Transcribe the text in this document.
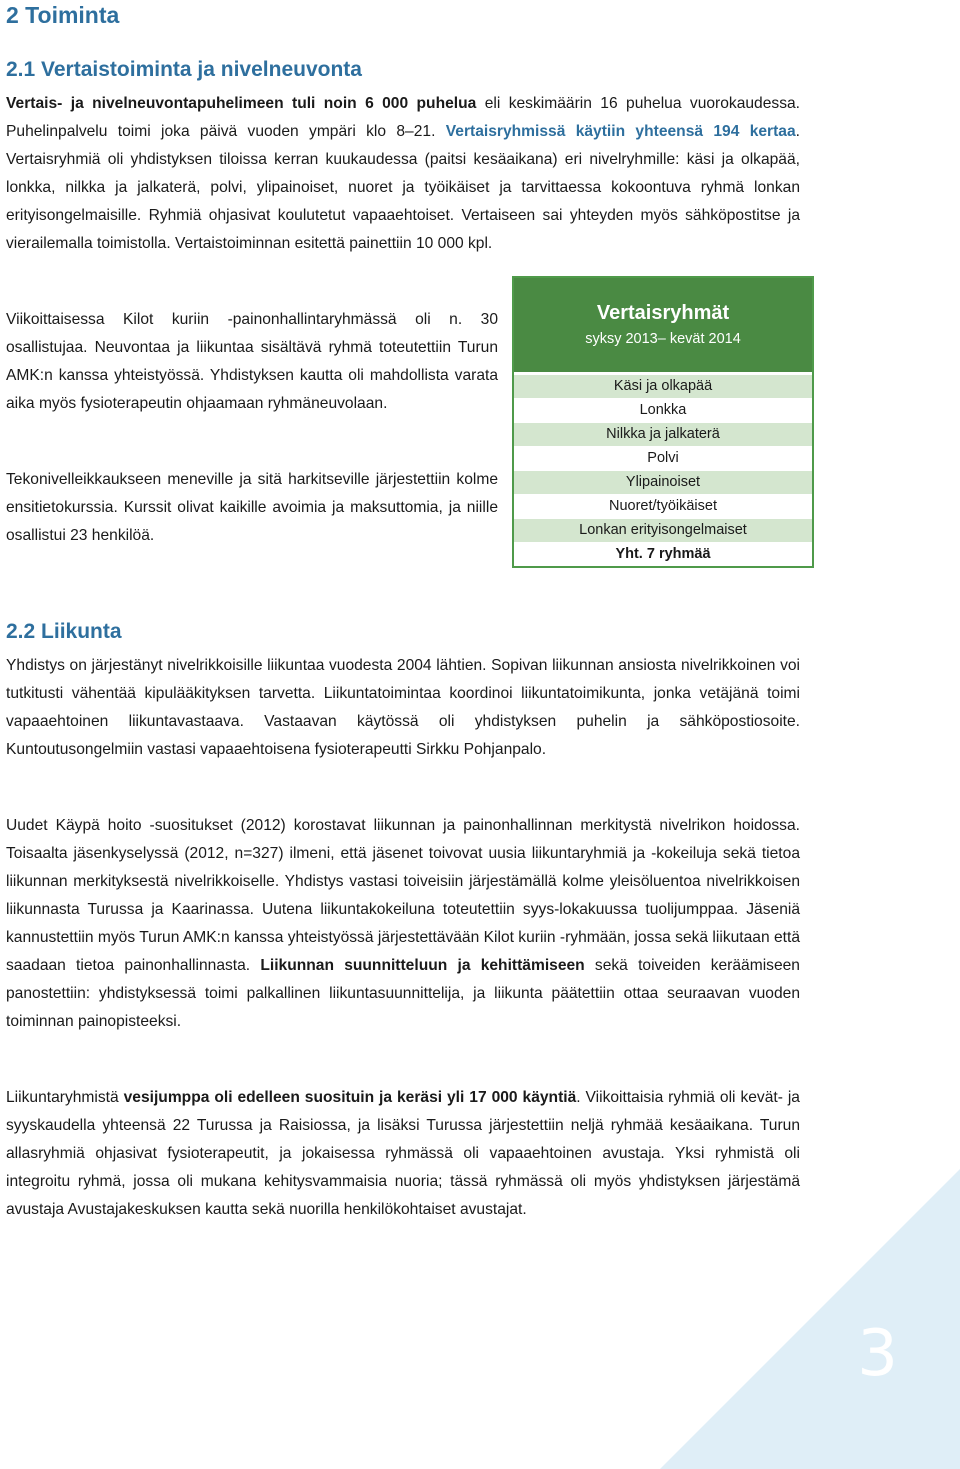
2 Toiminta
2.1 Vertaistoiminta ja nivelneuvonta

Vertais- ja nivelneuvontapuhelimeen tuli noin 6 000 puhelua eli keskimäärin 16 puhelua vuorokaudessa. Puhelinpalvelu toimi joka päivä vuoden ympäri klo 8–21. Vertaisryhmissä käytiin yhteensä 194 kertaa. Vertaisryhmiä oli yhdistyksen tiloissa kerran kuukaudessa (paitsi kesäaikana) eri nivelryhmille: käsi ja olkapää, lonkka, nilkka ja jalkaterä, polvi, ylipainoiset, nuoret ja työikäiset ja tarvittaessa kokoontuva ryhmä lonkan erityisongelmaisille. Ryhmiä ohjasivat koulutetut vapaaehtoiset. Vertaiseen sai yhteyden myös sähköpostitse ja vierailemalla toimistolla. Vertaistoiminnan esitettä painettiin 10 000 kpl.

Viikoittaisessa Kilot kuriin -painonhallintaryhmässä oli n. 30 osallistujaa. Neuvontaa ja liikuntaa sisältävä ryhmä toteutettiin Turun AMK:n kanssa yhteistyössä. Yhdistyksen kautta oli mahdollista varata aika myös fysioterapeutin ohjaamaan ryhmäneuvolaan.

Tekonivelleikkaukseen meneville ja sitä harkitseville järjestettiin kolme ensitietokurssia. Kurssit olivat kaikille avoimia ja maksuttomia, ja niille osallistui 23 henkilöä.

Vertaisryhmät
syksy 2013– kevät 2014
Käsi ja olkapää
Lonkka
Nilkka ja jalkaterä
Polvi
Ylipainoiset
Nuoret/työikäiset
Lonkan erityisongelmaiset
Yht. 7 ryhmää
2.2 Liikunta

Yhdistys on järjestänyt nivelrikkoisille liikuntaa vuodesta 2004 lähtien. Sopivan liikunnan ansiosta nivelrikkoinen voi tutkitusti vähentää kipulääkityksen tarvetta. Liikuntatoimintaa koordinoi liikuntatoimikunta, jonka vetäjänä toimi vapaaehtoinen liikuntavastaava. Vastaavan käytössä oli yhdistyksen puhelin ja sähköpostiosoite. Kuntoutusongelmiin vastasi vapaaehtoisena fysioterapeutti Sirkku Pohjanpalo.

Uudet Käypä hoito -suositukset (2012) korostavat liikunnan ja painonhallinnan merkitystä nivelrikon hoidossa. Toisaalta jäsenkyselyssä (2012, n=327) ilmeni, että jäsenet toivovat uusia liikuntaryhmiä ja -kokeiluja sekä tietoa liikunnan merkityksestä nivelrikkoiselle. Yhdistys vastasi toiveisiin järjestämällä kolme yleisöluentoa nivelrikkoisen liikunnasta Turussa ja Kaarinassa. Uutena liikuntakokeiluna toteutettiin syys-lokakuussa tuolijumppaa. Jäseniä kannustettiin myös Turun AMK:n kanssa yhteistyössä järjestettävään Kilot kuriin -ryhmään, jossa sekä liikutaan että saadaan tietoa painonhallinnasta. Liikunnan suunnitteluun ja kehittämiseen sekä toiveiden keräämiseen panostettiin: yhdistyksessä toimi palkallinen liikuntasuunnittelija, ja liikunta päätettiin ottaa seuraavan vuoden toiminnan painopisteeksi.

Liikuntaryhmistä vesijumppa oli edelleen suosituin ja keräsi yli 17 000 käyntiä. Viikoittaisia ryhmiä oli kevät- ja syyskaudella yhteensä 22 Turussa ja Raisiossa, ja lisäksi Turussa järjestettiin neljä ryhmää kesäaikana. Turun allasryhmiä ohjasivat fysioterapeutit, ja jokaisessa ryhmässä oli vapaaehtoinen avustaja. Yksi ryhmistä oli integroitu ryhmä, jossa oli mukana kehitysvammaisia nuoria; tässä ryhmässä oli myös yhdistyksen järjestämä avustaja Avustajakeskuksen kautta sekä nuorilla henkilökohtaiset avustajat.

3
